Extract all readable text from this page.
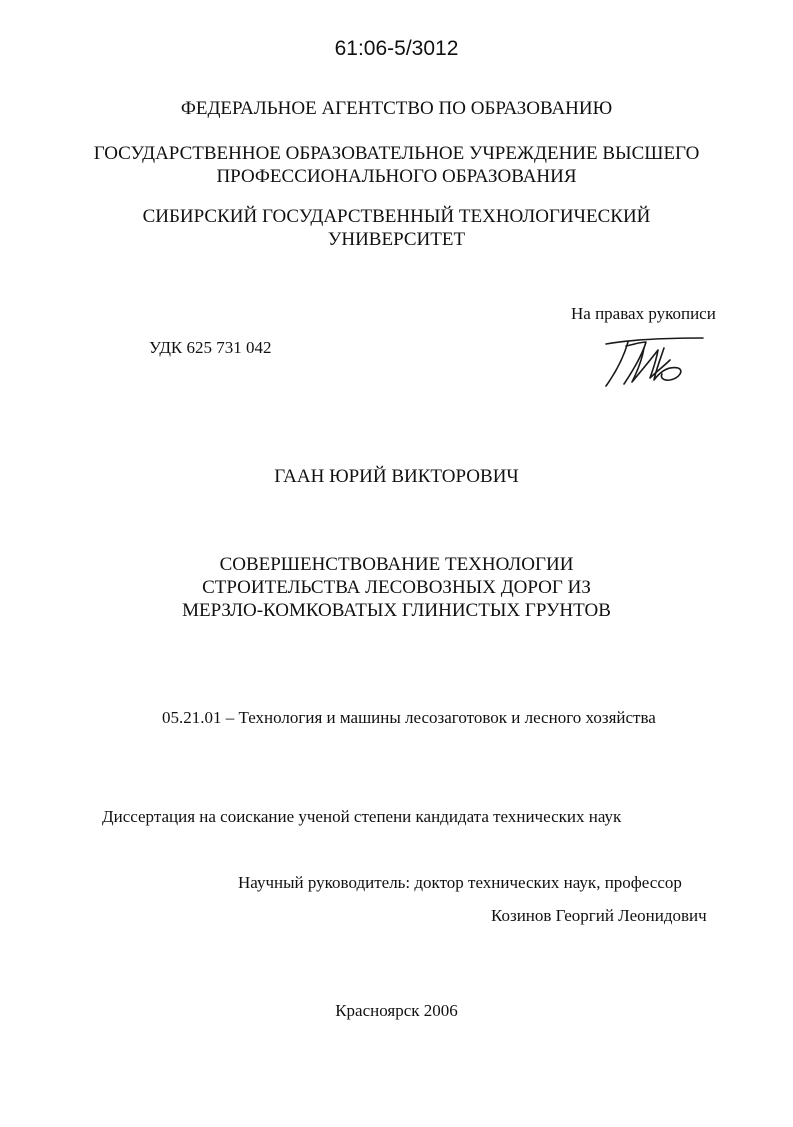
61:06-5/3012
ФЕДЕРАЛЬНОЕ АГЕНТСТВО ПО ОБРАЗОВАНИЮ
ГОСУДАРСТВЕННОЕ ОБРАЗОВАТЕЛЬНОЕ УЧРЕЖДЕНИЕ ВЫСШЕГО
ПРОФЕССИОНАЛЬНОГО ОБРАЗОВАНИЯ
СИБИРСКИЙ ГОСУДАРСТВЕННЫЙ ТЕХНОЛОГИЧЕСКИЙ
УНИВЕРСИТЕТ
На правах рукописи
УДК 625 731 042
ГААН ЮРИЙ ВИКТОРОВИЧ
СОВЕРШЕНСТВОВАНИЕ ТЕХНОЛОГИИ
СТРОИТЕЛЬСТВА ЛЕСОВОЗНЫХ ДОРОГ ИЗ
МЕРЗЛО-КОМКОВАТЫХ ГЛИНИСТЫХ ГРУНТОВ
05.21.01 – Технология и машины лесозаготовок и лесного хозяйства
Диссертация на соискание ученой степени кандидата технических наук
Научный руководитель: доктор технических наук, профессор
Козинов Георгий Леонидович
Красноярск 2006
